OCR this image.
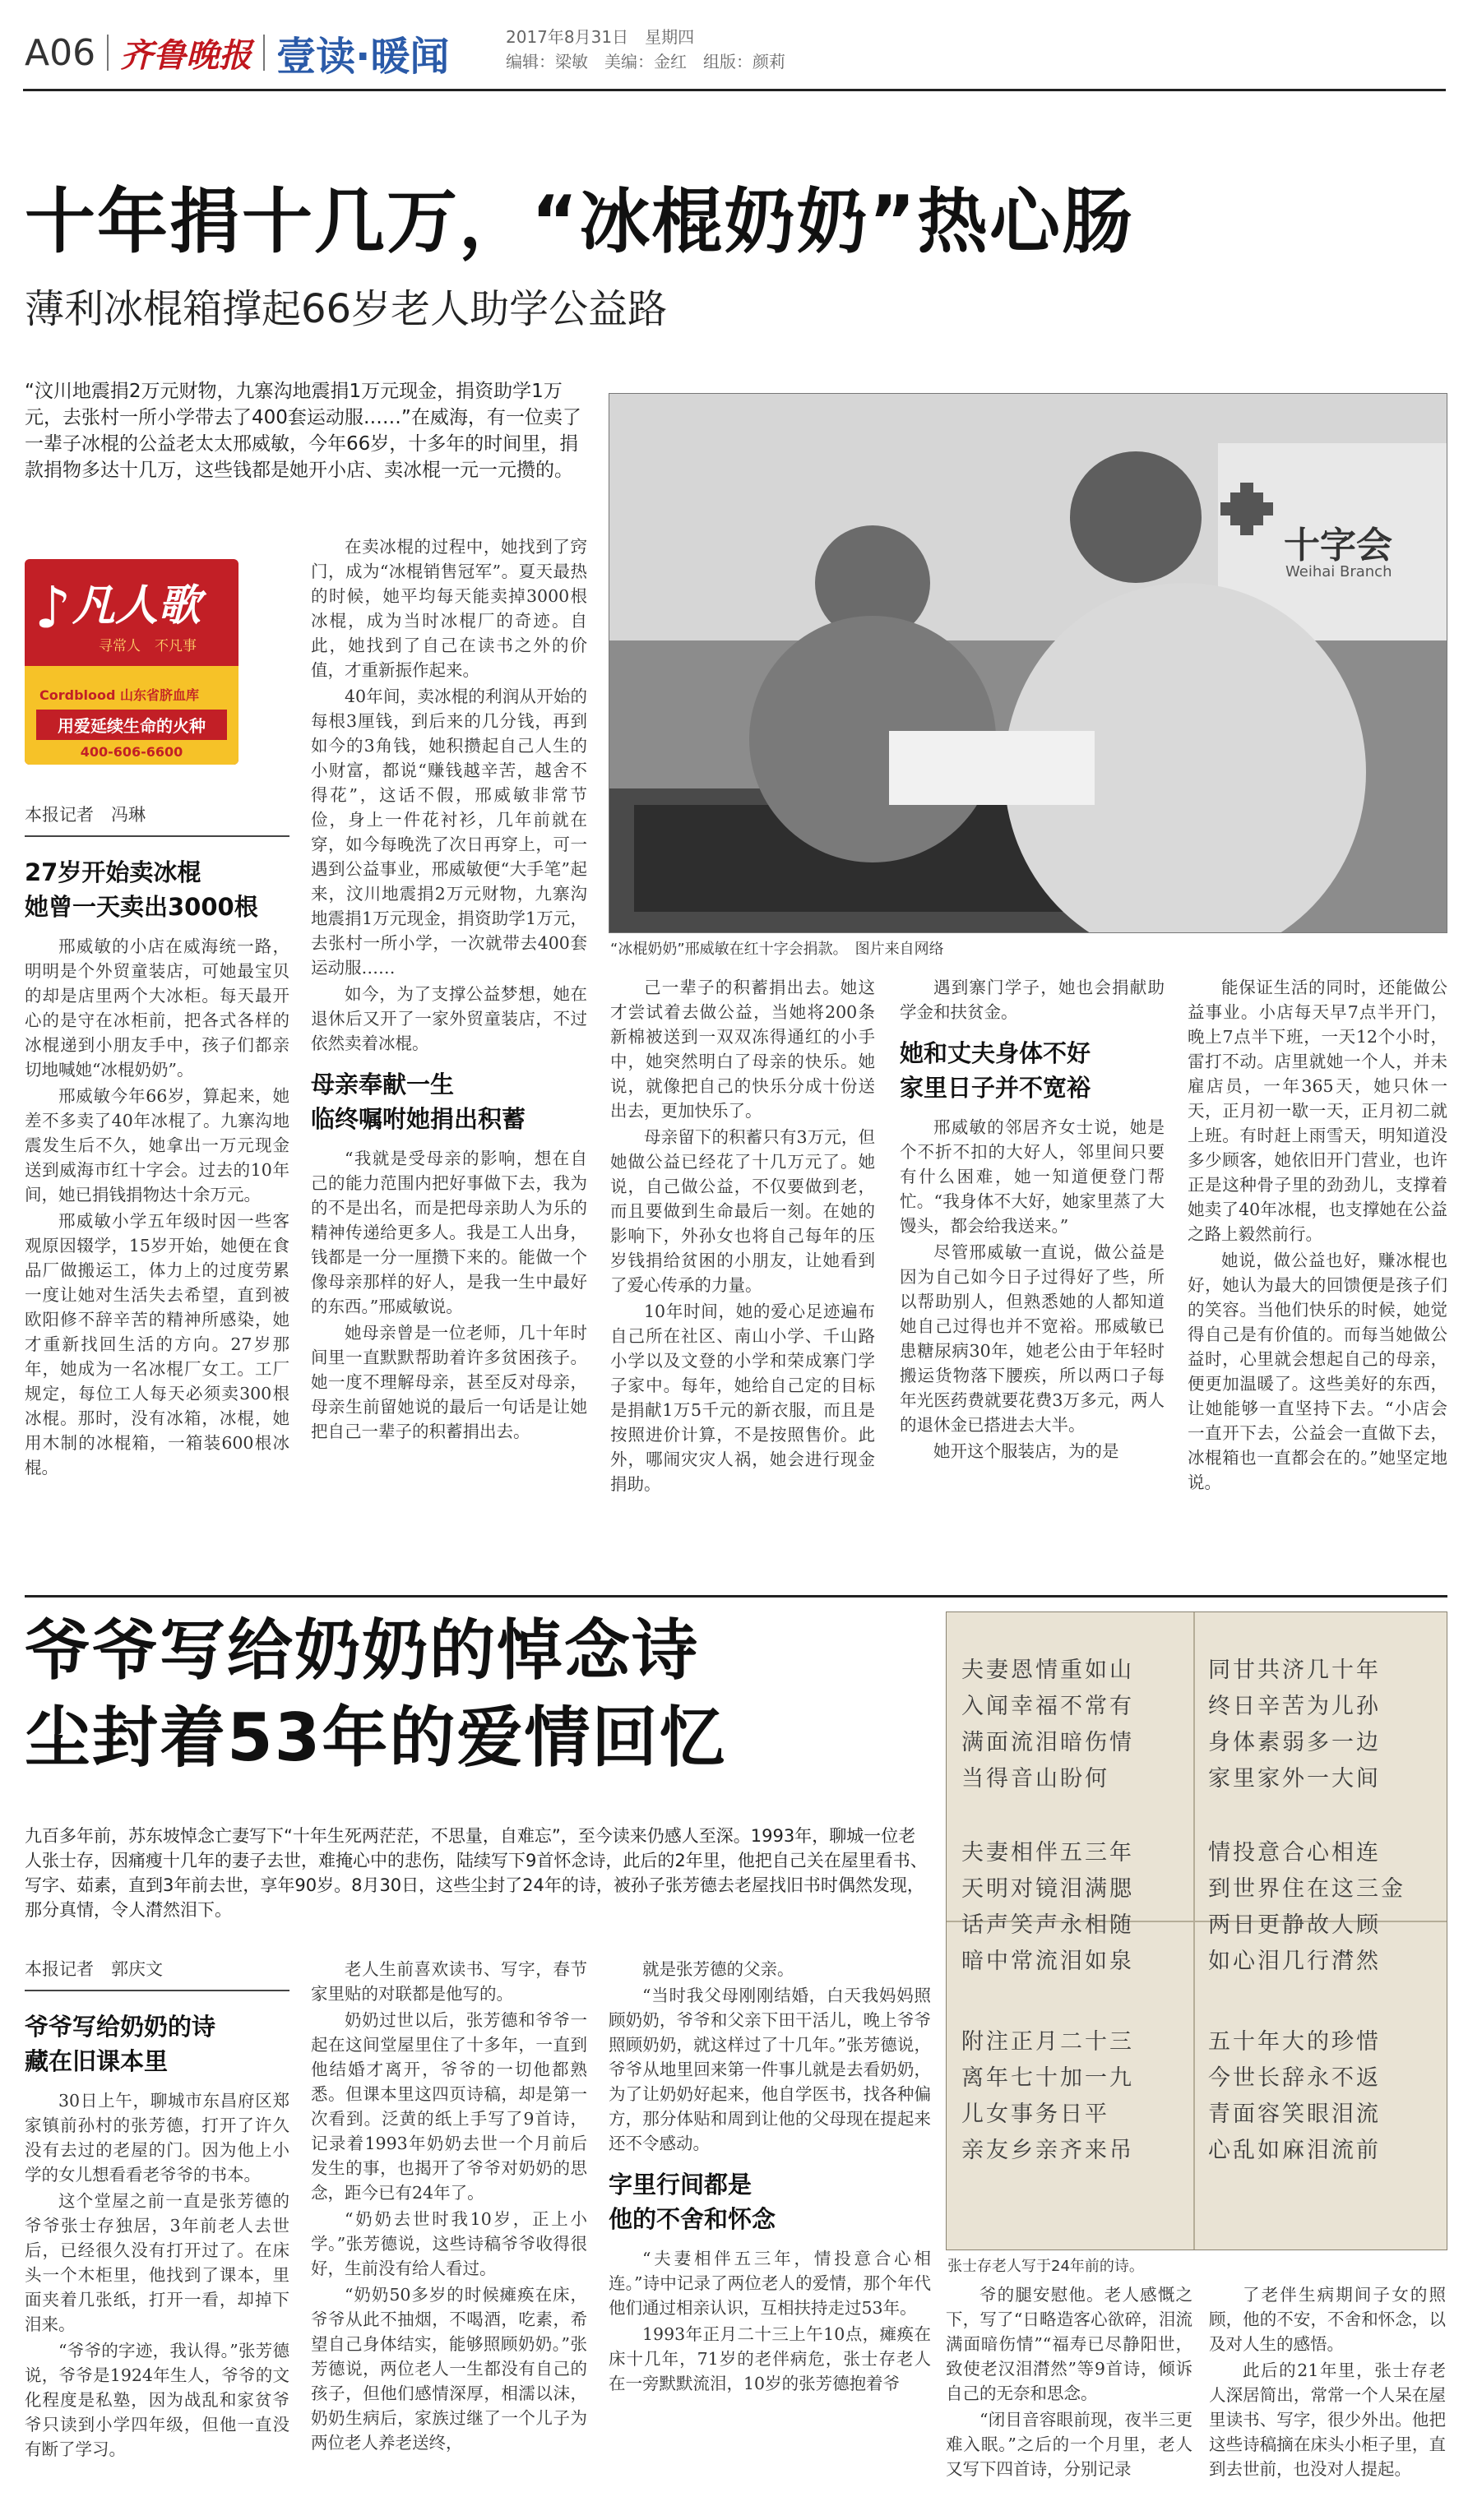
A06 齐鲁晚报 壹读·暖闻	2017年8月31日　星期四
编辑：梁敏　美编：金红　组版：颜莉
十年捐十几万，“冰棍奶奶”热心肠
薄利冰棍箱撑起66岁老人助学公益路
“汶川地震捐2万元财物，九寨沟地震捐1万元现金，捐资助学1万元，去张村一所小学带去了400套运动服……”在威海，有一位卖了一辈子冰棍的公益老太太邢威敏，今年66岁，十多年的时间里，捐款捐物多达十几万，这些钱都是她开小店、卖冰棍一元一元攒的。
十字会
Weihai Branch
“冰棍奶奶”邢威敏在红十字会捐款。　图片来自网络
♪ 凡人歌
寻常人　不凡事
Cordblood 山东省脐血库
用爱延续生命的火种
400-606-6600
本报记者　冯琳
27岁开始卖冰棍
她曾一天卖出3000根

邢威敏的小店在威海统一路，明明是个外贸童装店，可她最宝贝的却是店里两个大冰柜。每天最开心的是守在冰柜前，把各式各样的冰棍递到小朋友手中，孩子们都亲切地喊她“冰棍奶奶”。

邢威敏今年66岁，算起来，她差不多卖了40年冰棍了。九寨沟地震发生后不久，她拿出一万元现金送到威海市红十字会。过去的10年间，她已捐钱捐物达十余万元。

邢威敏小学五年级时因一些客观原因辍学，15岁开始，她便在食品厂做搬运工，体力上的过度劳累一度让她对生活失去希望，直到被欧阳修不辞辛苦的精神所感染，她才重新找回生活的方向。27岁那年，她成为一名冰棍厂女工。工厂规定，每位工人每天必须卖300根冰棍。那时，没有冰箱，冰棍，她用木制的冰棍箱，一箱装600根冰棍。

在卖冰棍的过程中，她找到了窍门，成为“冰棍销售冠军”。夏天最热的时候，她平均每天能卖掉3000根冰棍，成为当时冰棍厂的奇迹。自此，她找到了自己在读书之外的价值，才重新振作起来。

40年间，卖冰棍的利润从开始的每根3厘钱，到后来的几分钱，再到如今的3角钱，她积攒起自己人生的小财富，都说“赚钱越辛苦，越舍不得花”，这话不假，邢威敏非常节俭，身上一件花衬衫，几年前就在穿，如今每晚洗了次日再穿上，可一遇到公益事业，邢威敏便“大手笔”起来，汶川地震捐2万元财物，九寨沟地震捐1万元现金，捐资助学1万元，去张村一所小学，一次就带去400套运动服……

如今，为了支撑公益梦想，她在退休后又开了一家外贸童装店，不过依然卖着冰棍。

母亲奉献一生
临终嘱咐她捐出积蓄

“我就是受母亲的影响，想在自己的能力范围内把好事做下去，我为的不是出名，而是把母亲助人为乐的精神传递给更多人。我是工人出身，钱都是一分一厘攒下来的。能做一个像母亲那样的好人，是我一生中最好的东西。”邢威敏说。

她母亲曾是一位老师，几十年时间里一直默默帮助着许多贫困孩子。她一度不理解母亲，甚至反对母亲，母亲生前留她说的最后一句话是让她把自己一辈子的积蓄捐出去。

己一辈子的积蓄捐出去。她这才尝试着去做公益，当她将200条新棉被送到一双双冻得通红的小手中，她突然明白了母亲的快乐。她说，就像把自己的快乐分成十份送出去，更加快乐了。

母亲留下的积蓄只有3万元，但她做公益已经花了十几万元了。她说，自己做公益，不仅要做到老，而且要做到生命最后一刻。在她的影响下，外孙女也将自己每年的压岁钱捐给贫困的小朋友，让她看到了爱心传承的力量。

10年时间，她的爱心足迹遍布自己所在社区、南山小学、千山路小学以及文登的小学和荣成寨门学子家中。每年，她给自己定的目标是捐献1万5千元的新衣服，而且是按照进价计算，不是按照售价。此外，哪闹灾灾人祸，她会进行现金捐助。

遇到寨门学子，她也会捐献助学金和扶贫金。

她和丈夫身体不好
家里日子并不宽裕

邢威敏的邻居齐女士说，她是个不折不扣的大好人，邻里间只要有什么困难，她一知道便登门帮忙。“我身体不大好，她家里蒸了大馒头，都会给我送来。”

尽管邢威敏一直说，做公益是因为自己如今日子过得好了些，所以帮助别人，但熟悉她的人都知道她自己过得也并不宽裕。邢威敏已患糖尿病30年，她老公由于年轻时搬运货物落下腰疾，所以两口子每年光医药费就要花费3万多元，两人的退休金已搭进去大半。

她开这个服装店，为的是

能保证生活的同时，还能做公益事业。小店每天早7点半开门，晚上7点半下班，一天12个小时，雷打不动。店里就她一个人，并未雇店员，一年365天，她只休一天，正月初一歇一天，正月初二就上班。有时赶上雨雪天，明知道没多少顾客，她依旧开门营业，也许正是这种骨子里的劲劲儿，支撑着她卖了40年冰棍，也支撑她在公益之路上毅然前行。

她说，做公益也好，赚冰棍也好，她认为最大的回馈便是孩子们的笑容。当他们快乐的时候，她觉得自己是有价值的。而每当她做公益时，心里就会想起自己的母亲，便更加温暖了。这些美好的东西，让她能够一直坚持下去。“小店会一直开下去，公益会一直做下去，冰棍箱也一直都会在的。”她坚定地说。

爷爷写给奶奶的悼念诗
尘封着53年的爱情回忆
九百多年前，苏东坡悼念亡妻写下“十年生死两茫茫，不思量，自难忘”，至今读来仍感人至深。1993年，聊城一位老人张士存，因痛瘦十几年的妻子去世，难掩心中的悲伤，陆续写下9首怀念诗，此后的2年里，他把自己关在屋里看书、写字、茹素，直到3年前去世，享年90岁。8月30日，这些尘封了24年的诗，被孙子张芳德去老屋找旧书时偶然发现，那分真情，令人潸然泪下。
夫妻恩情重如山
入闻幸福不常有
满面流泪暗伤情
当得音山盼何
同甘共济几十年
终日辛苦为儿孙
身体素弱多一边
家里家外一大间
夫妻相伴五三年
天明对镜泪满腮
话声笑声永相随
暗中常流泪如泉
情投意合心相连
到世界住在这三金
两日更静故人顾
如心泪几行潸然
附注正月二十三
离年七十加一九
儿女事务日平
亲友乡亲齐来吊
五十年大的珍惜
今世长辞永不返
青面容笑眼泪流
心乱如麻泪流前
张士存老人写于24年前的诗。
本报记者　郭庆文
爷爷写给奶奶的诗
藏在旧课本里

30日上午，聊城市东昌府区郑家镇前孙村的张芳德，打开了许久没有去过的老屋的门。因为他上小学的女儿想看看老爷爷的书本。

这个堂屋之前一直是张芳德的爷爷张士存独居，3年前老人去世后，已经很久没有打开过了。在床头一个木柜里，他找到了课本，里面夹着几张纸，打开一看，却掉下泪来。

“爷爷的字迹，我认得。”张芳德说，爷爷是1924年生人，爷爷的文化程度是私塾，因为战乱和家贫爷爷只读到小学四年级，但他一直没有断了学习。

老人生前喜欢读书、写字，春节家里贴的对联都是他写的。

奶奶过世以后，张芳德和爷爷一起在这间堂屋里住了十多年，一直到他结婚才离开，爷爷的一切他都熟悉。但课本里这四页诗稿，却是第一次看到。泛黄的纸上手写了9首诗，记录着1993年奶奶去世一个月前后发生的事，也揭开了爷爷对奶奶的思念，距今已有24年了。

“奶奶去世时我10岁，正上小学。”张芳德说，这些诗稿爷爷收得很好，生前没有给人看过。

“奶奶50多岁的时候瘫痪在床，爷爷从此不抽烟，不喝酒，吃素，希望自己身体结实，能够照顾奶奶。”张芳德说，两位老人一生都没有自己的孩子，但他们感情深厚，相濡以沫，奶奶生病后，家族过继了一个儿子为两位老人养老送终，

就是张芳德的父亲。

“当时我父母刚刚结婚，白天我妈妈照顾奶奶，爷爷和父亲下田干活儿，晚上爷爷照顾奶奶，就这样过了十几年。”张芳德说，爷爷从地里回来第一件事儿就是去看奶奶，为了让奶奶好起来，他自学医书，找各种偏方，那分体贴和周到让他的父母现在提起来还不令感动。

字里行间都是
他的不舍和怀念

“夫妻相伴五三年，情投意合心相连。”诗中记录了两位老人的爱情，那个年代他们通过相亲认识，互相扶持走过53年。

1993年正月二十三上午10点，瘫痪在床十几年，71岁的老伴病危，张士存老人在一旁默默流泪，10岁的张芳德抱着爷

爷的腿安慰他。老人感慨之下，写了“日略造客心欲碎，泪流满面暗伤情”“福寿已尽静阳世，致使老汉泪潸然”等9首诗，倾诉自己的无奈和思念。

“闭目音容眼前现，夜半三更难入眠。”之后的一个月里，老人又写下四首诗，分别记录

了老伴生病期间子女的照顾，他的不安，不舍和怀念，以及对人生的感悟。

此后的21年里，张士存老人深居简出，常常一个人呆在屋里读书、写字，很少外出。他把这些诗稿摘在床头小柜子里，直到去世前，也没对人提起。
